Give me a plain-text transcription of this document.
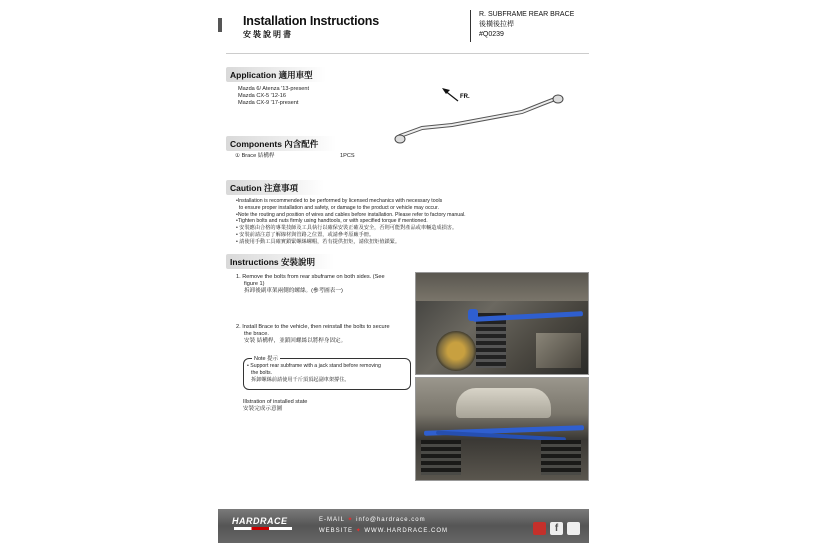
Installation Instructions
安裝說明書
R. SUBFRAME REAR BRACE
後橫後拉桿
#Q0239
Application 適用車型
Mazda 6/ Atenza '13-present
Mazda CX-5 '12-16
Mazda CX-9 '17-present
FR.
Components 內含配件
① Brace 結構桿	1PCS
Caution 注意事項
•Installation is recommended to be performed by licensed mechanics with necessary tools
to ensure proper installation and safety, or damage to the product or vehicle may occur.
•Note the routing and position of wires and cables before installation. Please refer to factory manual.
•Tighten bolts and nuts firmly using handtools, or with specified torque if mentioned.
• 安裝應由合格的專業技師及工具執行以確保安裝正確及安全，否則可能對產品或車輛造成損害。
• 安裝前請注意了解線材與管路之位置，或請參考原廠手冊。
• 請使用手動工具確實鎖緊螺絲螺帽，若有提供扭矩，請依扭矩值鎖緊。
Instructions 安裝說明
1. Remove the bolts from rear sbuframe on both sides. (See
figure 1)
拆卸後副車架兩側的螺絲。(參考圖表一)
2. Install Brace to the vehicle, then reinstall the bolts to secure
the brace.
安裝 結構桿，並鎖回螺絲以將桿身固定。
Note 提示
• Support rear subframe with a jack stand before removing
the bolts.
拆卸螺絲前請使用千斤頂頂起副車架撐住。
Illstration of installed state
安裝完成示意圖
HARDRACE	E-MAIL ✦ info@hardrace.com
WEBSITE ✦ WWW.HARDRACE.COM	f
